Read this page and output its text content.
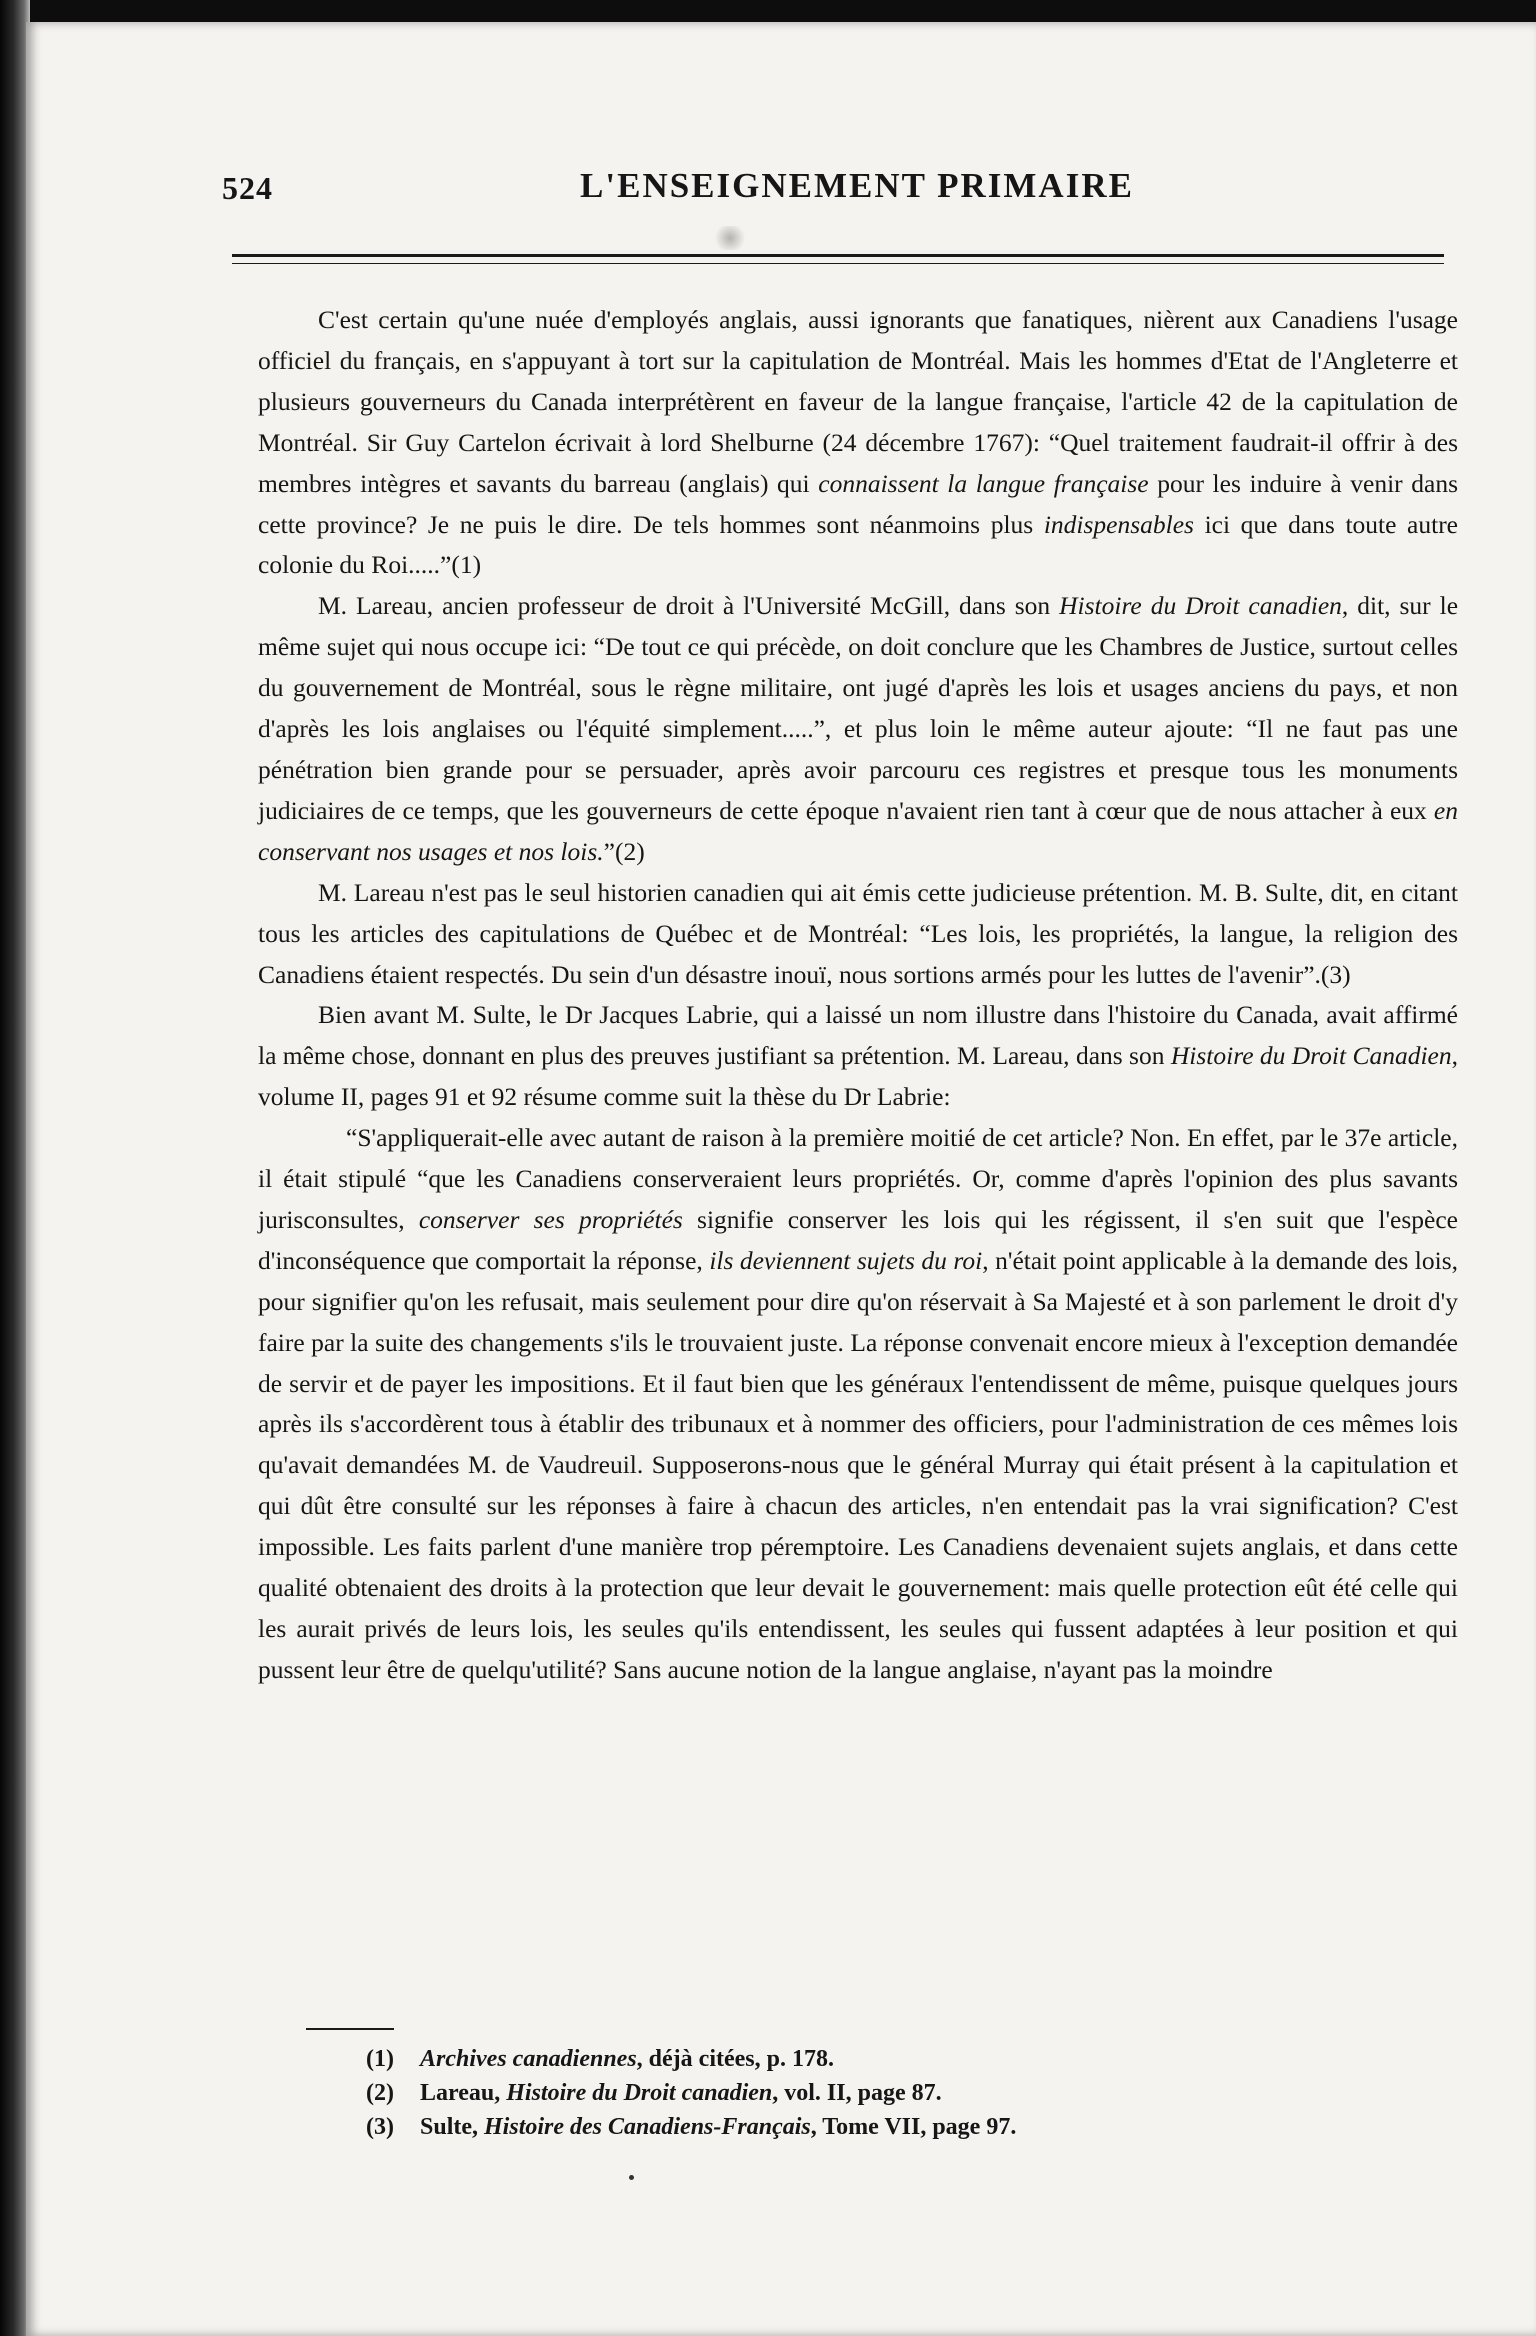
524	L'ENSEIGNEMENT PRIMAIRE

C'est certain qu'une nuée d'employés anglais, aussi ignorants que fanatiques, nièrent aux Canadiens l'usage officiel du français, en s'appuyant à tort sur la capitulation de Montréal. Mais les hommes d'Etat de l'Angleterre et plusieurs gouverneurs du Canada interprétèrent en faveur de la langue française, l'article 42 de la capitulation de Montréal. Sir Guy Cartelon écrivait à lord Shelburne (24 décembre 1767): “Quel traitement faudrait-il offrir à des membres intègres et savants du barreau (anglais) qui connaissent la langue française pour les induire à venir dans cette province? Je ne puis le dire. De tels hommes sont néanmoins plus indispensables ici que dans toute autre colonie du Roi.....”(1)

M. Lareau, ancien professeur de droit à l'Université McGill, dans son Histoire du Droit canadien, dit, sur le même sujet qui nous occupe ici: “De tout ce qui précède, on doit conclure que les Chambres de Justice, surtout celles du gouvernement de Montréal, sous le règne militaire, ont jugé d'après les lois et usages anciens du pays, et non d'après les lois anglaises ou l'équité simplement.....”, et plus loin le même auteur ajoute: “Il ne faut pas une pénétration bien grande pour se persuader, après avoir parcouru ces registres et presque tous les monuments judiciaires de ce temps, que les gouverneurs de cette époque n'avaient rien tant à cœur que de nous attacher à eux en conservant nos usages et nos lois.”(2)

M. Lareau n'est pas le seul historien canadien qui ait émis cette judicieuse prétention. M. B. Sulte, dit, en citant tous les articles des capitulations de Québec et de Montréal: “Les lois, les propriétés, la langue, la religion des Canadiens étaient respectés. Du sein d'un désastre inouï, nous sortions armés pour les luttes de l'avenir”.(3)

Bien avant M. Sulte, le Dr Jacques Labrie, qui a laissé un nom illustre dans l'histoire du Canada, avait affirmé la même chose, donnant en plus des preuves justifiant sa prétention. M. Lareau, dans son Histoire du Droit Canadien, volume II, pages 91 et 92 résume comme suit la thèse du Dr Labrie:

“S'appliquerait-elle avec autant de raison à la première moitié de cet article? Non. En effet, par le 37e article, il était stipulé “que les Canadiens conserveraient leurs propriétés. Or, comme d'après l'opinion des plus savants jurisconsultes, conserver ses propriétés signifie conserver les lois qui les régissent, il s'en suit que l'espèce d'inconséquence que comportait la réponse, ils deviennent sujets du roi, n'était point applicable à la demande des lois, pour signifier qu'on les refusait, mais seulement pour dire qu'on réservait à Sa Majesté et à son parlement le droit d'y faire par la suite des changements s'ils le trouvaient juste. La réponse convenait encore mieux à l'exception demandée de servir et de payer les impositions. Et il faut bien que les généraux l'entendissent de même, puisque quelques jours après ils s'accordèrent tous à établir des tribunaux et à nommer des officiers, pour l'administration de ces mêmes lois qu'avait demandées M. de Vaudreuil. Supposerons-nous que le général Murray qui était présent à la capitulation et qui dût être consulté sur les réponses à faire à chacun des articles, n'en entendait pas la vrai signification? C'est impossible. Les faits parlent d'une manière trop péremptoire. Les Canadiens devenaient sujets anglais, et dans cette qualité obtenaient des droits à la protection que leur devait le gouvernement: mais quelle protection eût été celle qui les aurait privés de leurs lois, les seules qu'ils entendissent, les seules qui fussent adaptées à leur position et qui pussent leur être de quelqu'utilité? Sans aucune notion de la langue anglaise, n'ayant pas la moindre

(1) Archives canadiennes, déjà citées, p. 178.

(2) Lareau, Histoire du Droit canadien, vol. II, page 87.

(3) Sulte, Histoire des Canadiens-Français, Tome VII, page 97.
